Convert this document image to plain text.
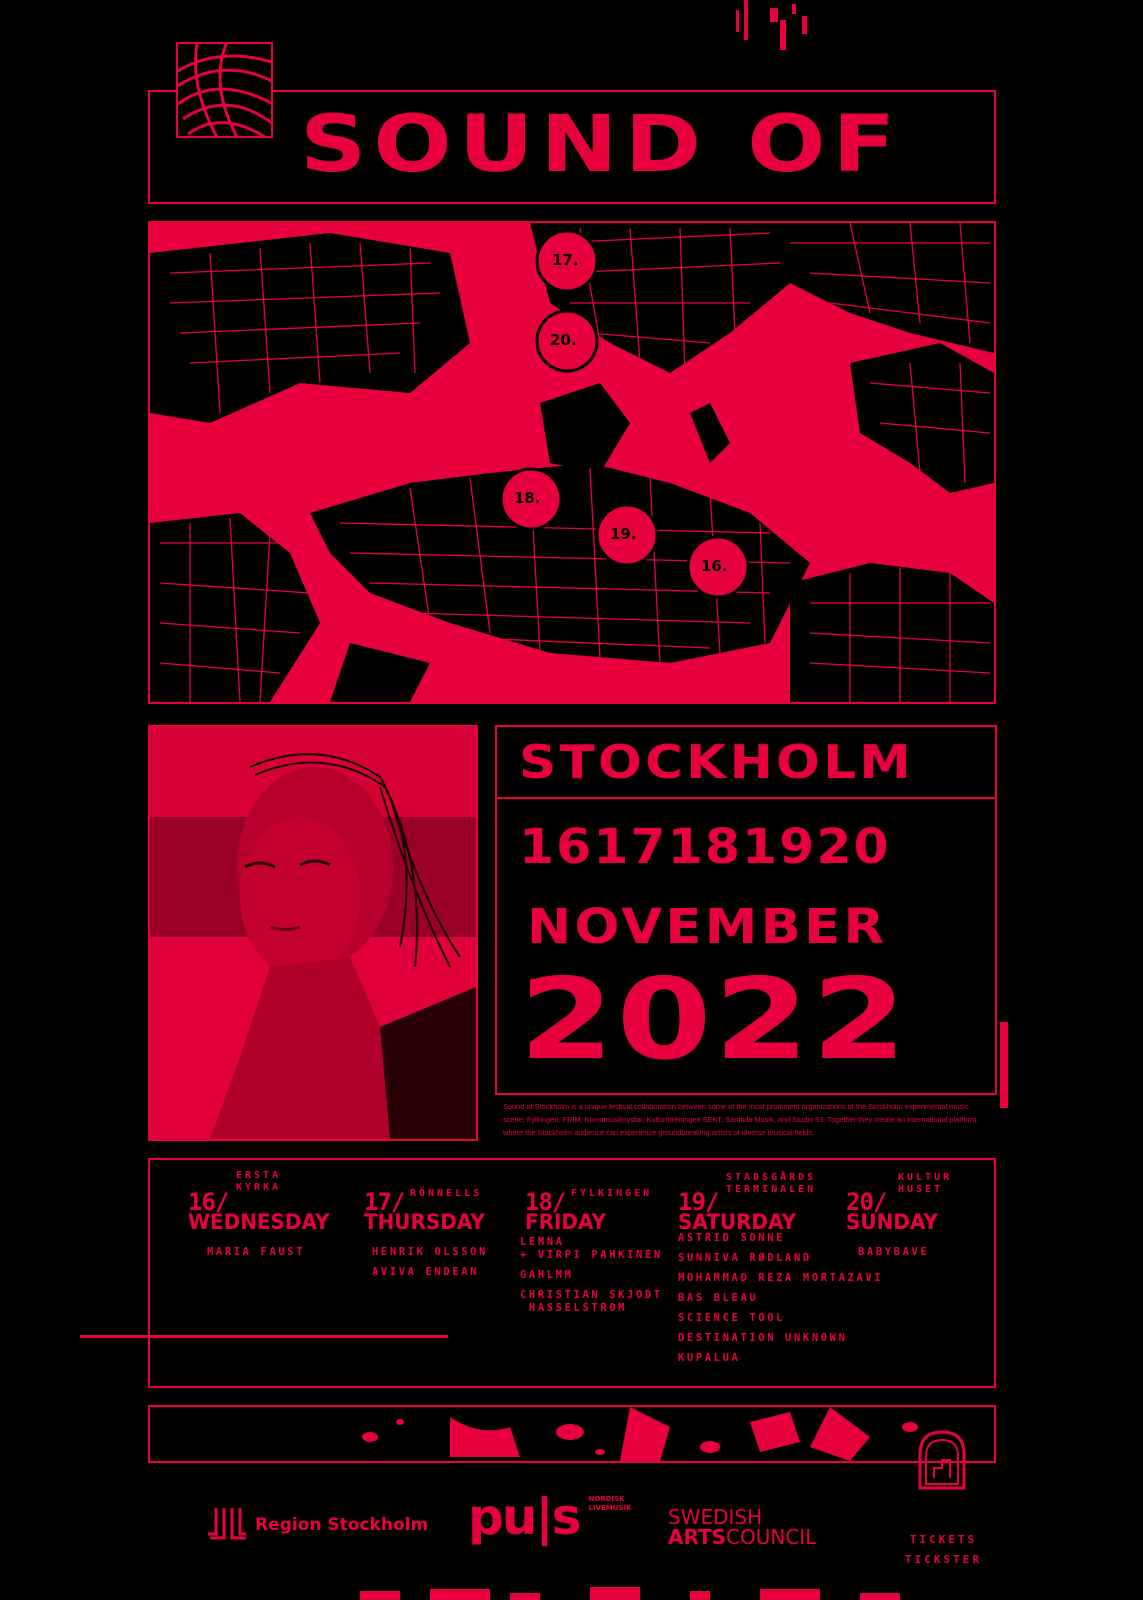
SOUND OF
17.
20.
18.
19.
16.
STOCKHOLM
1617181920
NOVEMBER
2022
Sound of Stockholm is a unique festival collaboration between some of the most prominent organizations of the Stockholm experimental music scene: Fylkingen, FRIM, Konstmusiksystar, Kulturföreningen SEKT, Samtida Musik, and Studio 53. Together they create an international platform, where the Stockholm audience can experience groundbreaking artists of diverse musical fields.
16/
ERSTA
KYRKA
WEDNESDAY
MARIA FAUST
17/ RÖNNELLS
THURSDAY
HENRIK OLSSON
AVIVA ENDEAN
18/ FYLKINGEN
FRIDAY
LEMNA
+ VIRPI PAHKINEN
GAHLMM
CHRISTIAN SKJODT
HASSELSTROM
19/
STADSGÅRDS
TERMINALEN
SATURDAY
ASTRID SONNE
SUNNIVA RØDLAND
MOHAMMAD REZA MORTAZAVI
BAS BLEAU
SCIENCE TOOL
DESTINATION UNKNOWN
KUPALUA
20/
KULTUR
HUSET
SUNDAY
BABYBAVE
Region Stockholm pu|s NORDISK
LIVEMUSIK SWEDISH
ARTSCOUNCIL	TICKETS
TICKSTER
